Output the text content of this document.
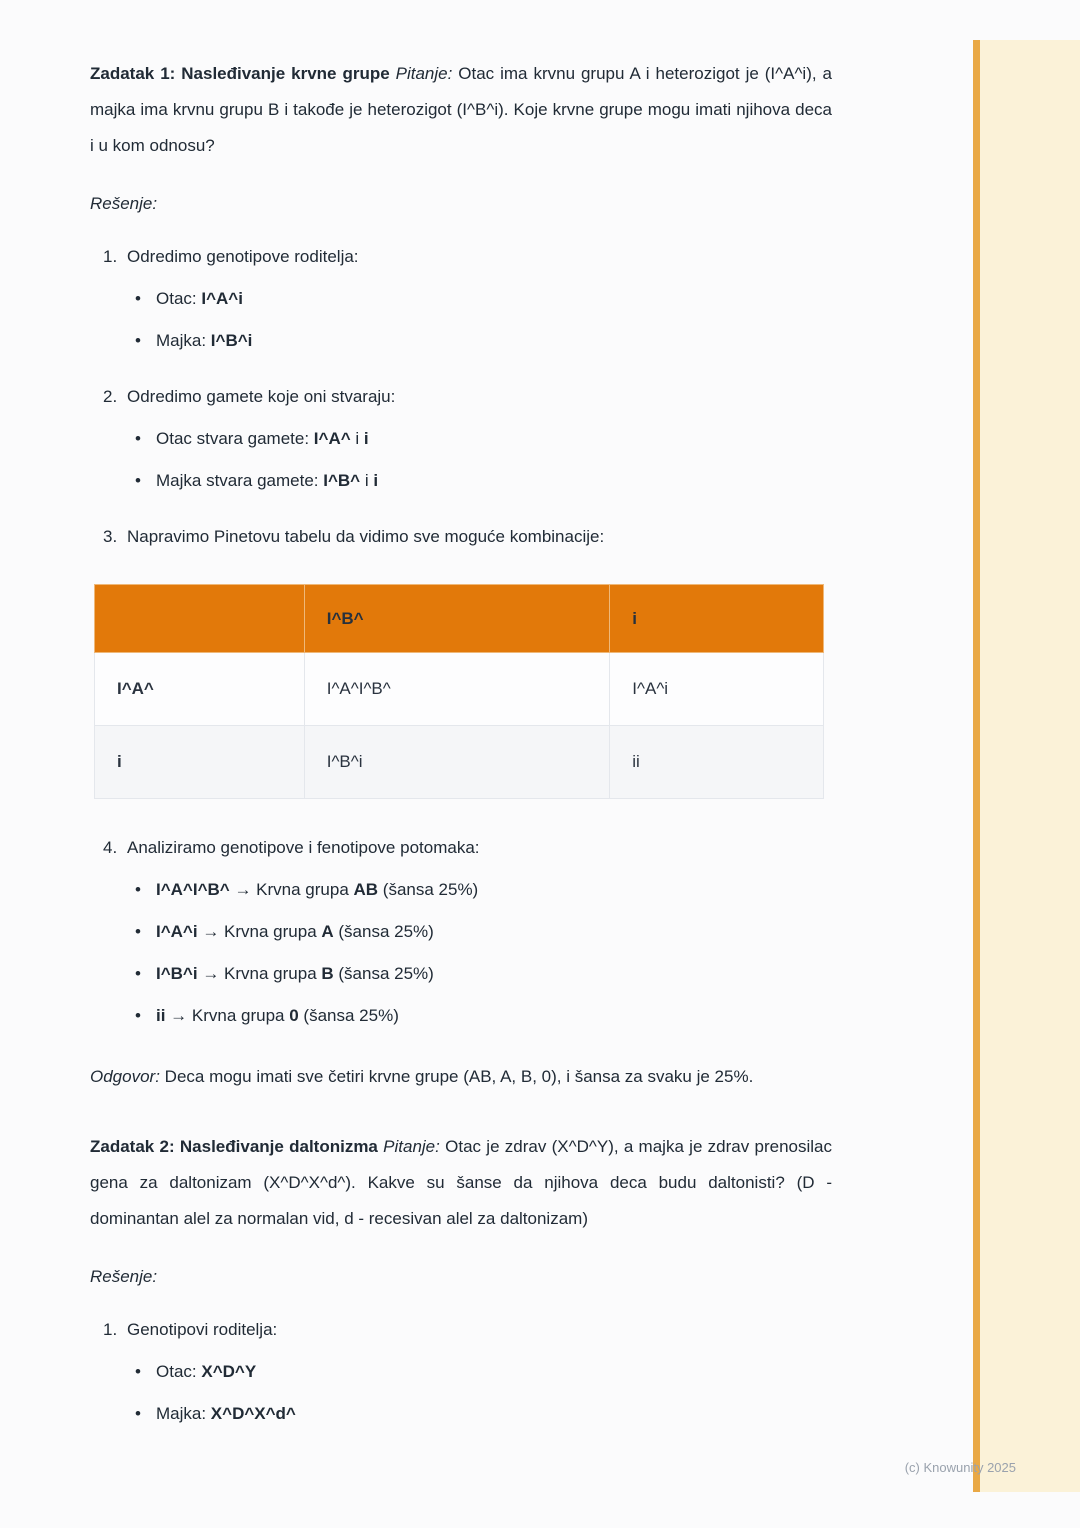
Zadatak 1: Nasleđivanje krvne grupe Pitanje: Otac ima krvnu grupu A i heterozigot je (I^A^i), a majka ima krvnu grupu B i takođe je heterozigot (I^B^i). Koje krvne grupe mogu imati njihova deca i u kom odnosu?

Rešenje:

1. Odredimo genotipove roditelja:
• Otac: I^A^i
• Majka: I^B^i
2. Odredimo gamete koje oni stvaraju:
• Otac stvara gamete: I^A^ i i
• Majka stvara gamete: I^B^ i i
3. Napravimo Pinetovu tabelu da vidimo sve moguće kombinacije:
	I^B^	i
I^A^	I^A^I^B^	I^A^i
i	I^B^i	ii
4. Analiziramo genotipove i fenotipove potomaka:
• I^A^I^B^ → Krvna grupa AB (šansa 25%)
• I^A^i → Krvna grupa A (šansa 25%)
• I^B^i → Krvna grupa B (šansa 25%)
• ii → Krvna grupa 0 (šansa 25%)

Odgovor: Deca mogu imati sve četiri krvne grupe (AB, A, B, 0), i šansa za svaku je 25%.

Zadatak 2: Nasleđivanje daltonizma Pitanje: Otac je zdrav (X^D^Y), a majka je zdrav prenosilac gena za daltonizam (X^D^X^d^). Kakve su šanse da njihova deca budu daltonisti? (D - dominantan alel za normalan vid, d - recesivan alel za daltonizam)

Rešenje:

1. Genotipovi roditelja:
• Otac: X^D^Y
• Majka: X^D^X^d^
(c) Knowunity 2025
